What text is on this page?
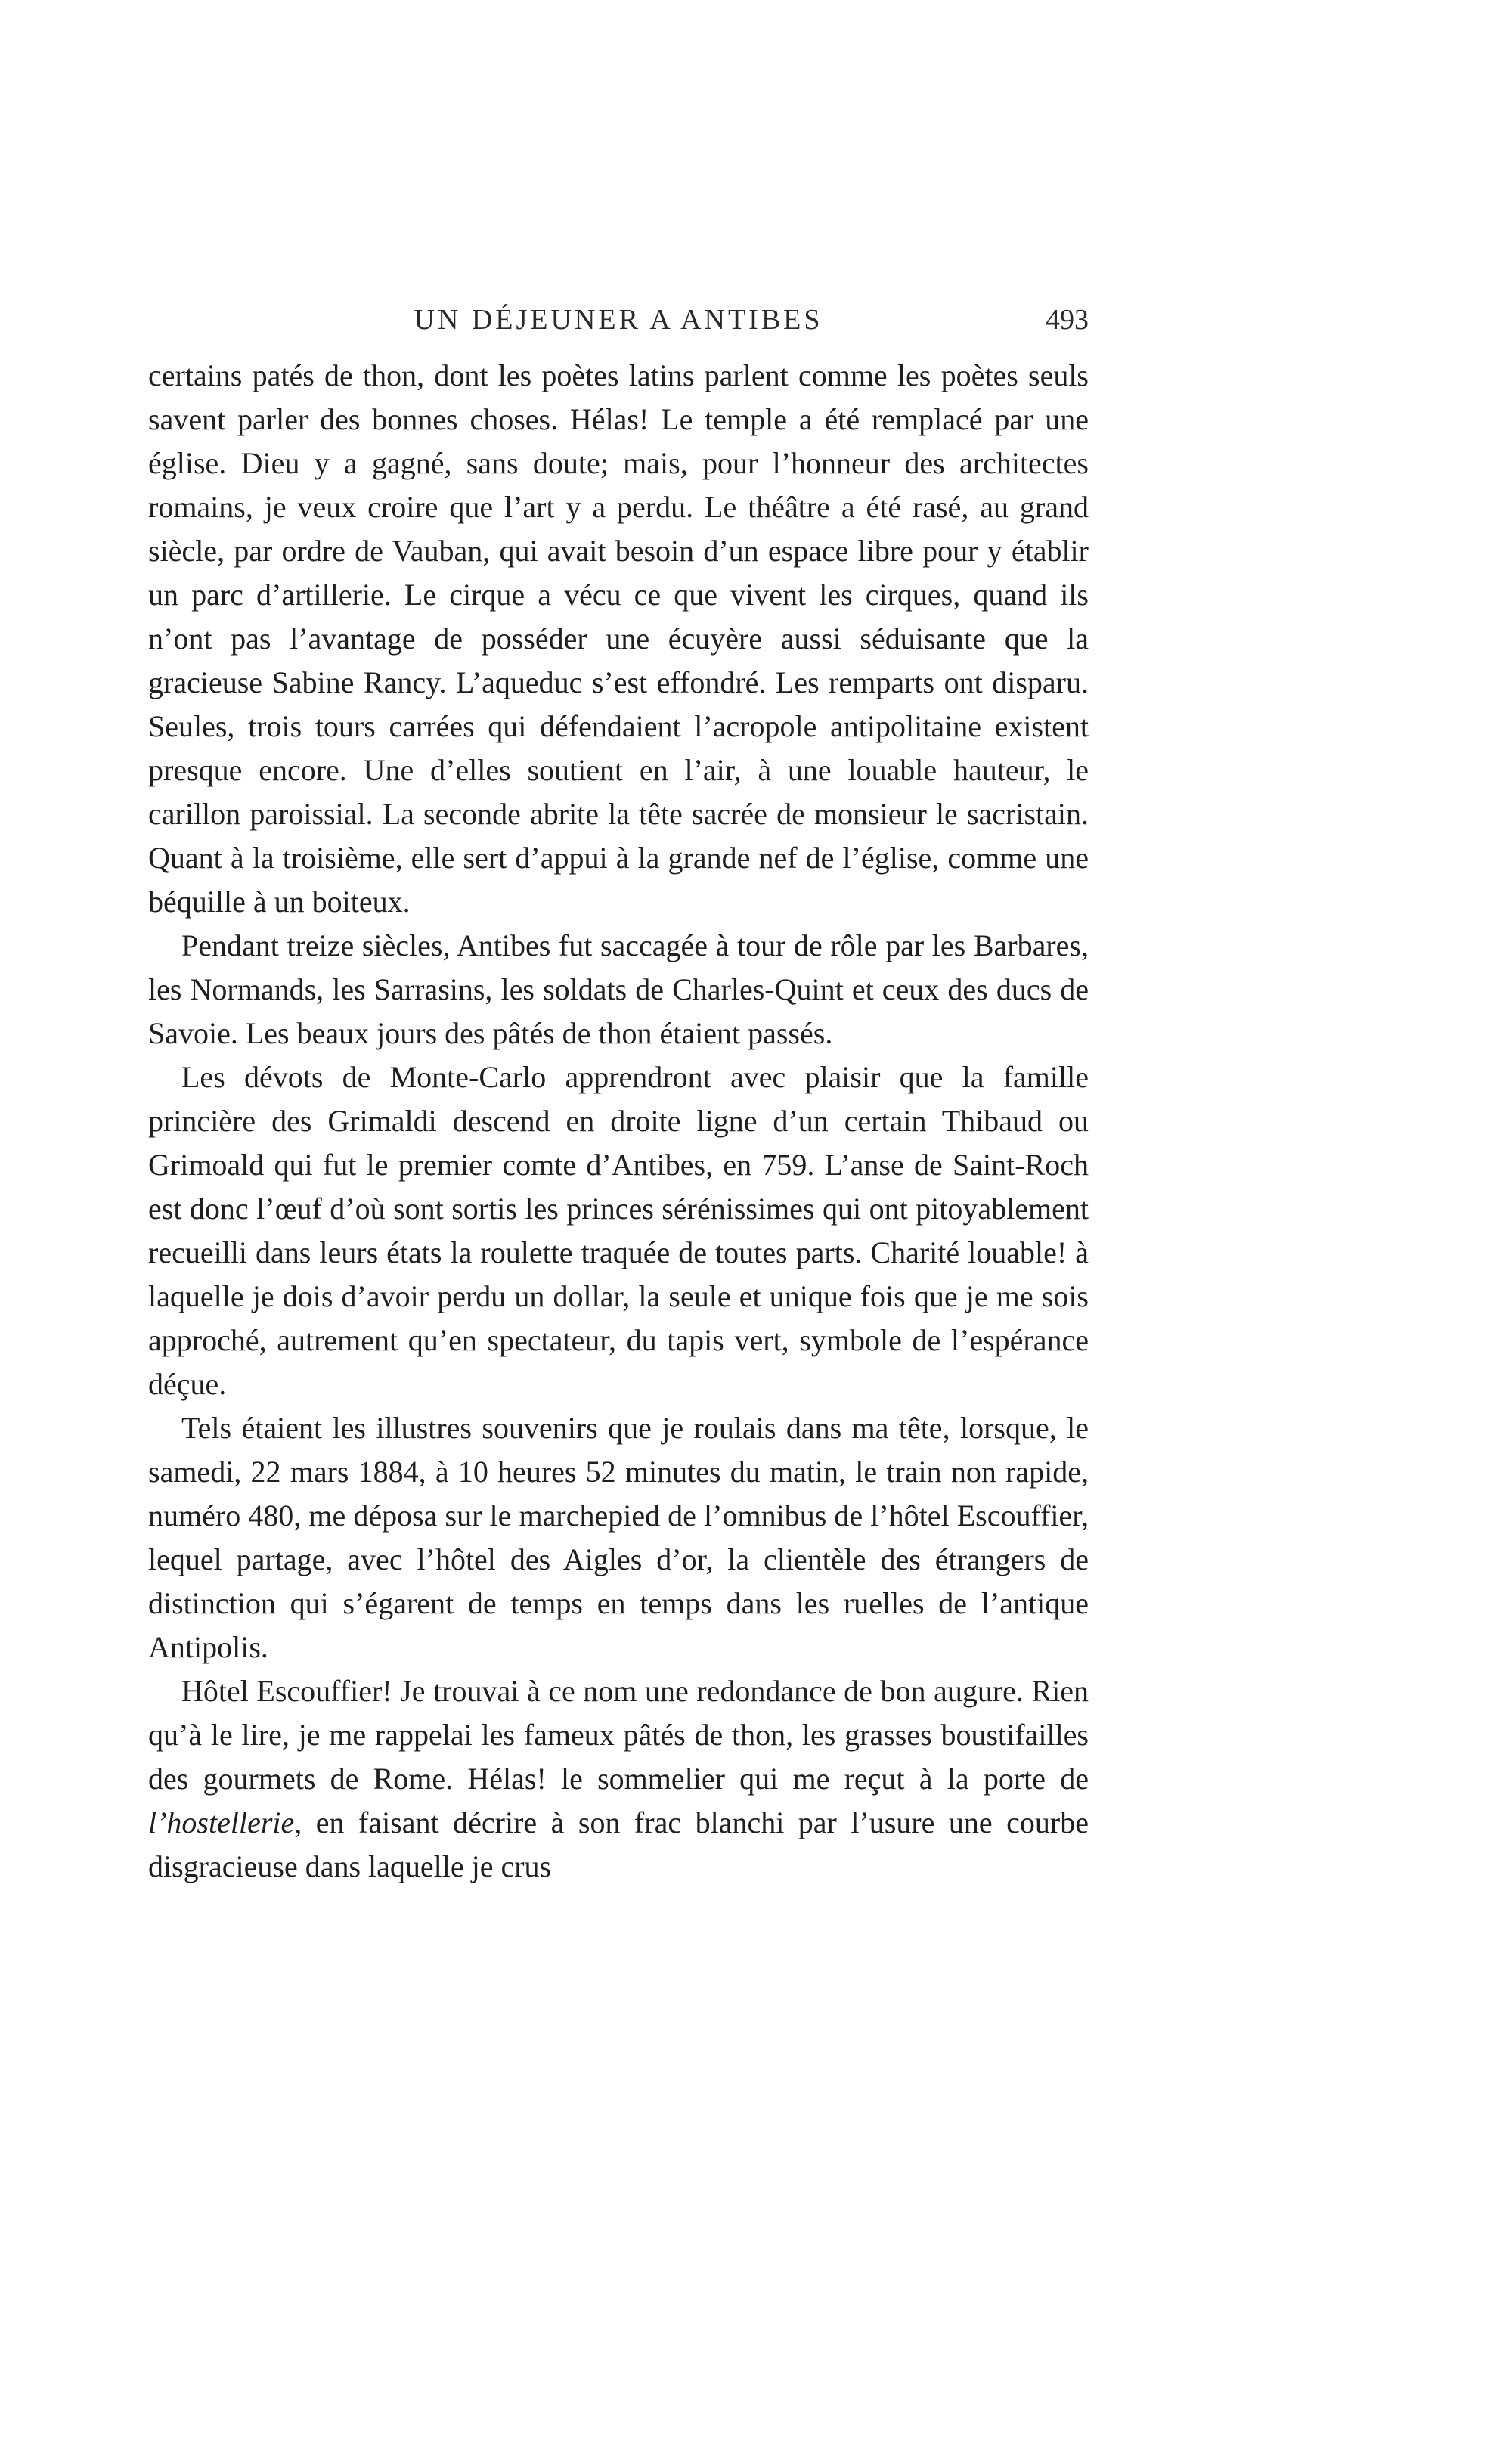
UN DÉJEUNER A ANTIBES	493

certains patés de thon, dont les poètes latins parlent comme les poètes seuls savent parler des bonnes choses. Hélas! Le temple a été remplacé par une église. Dieu y a gagné, sans doute; mais, pour l’honneur des architectes romains, je veux croire que l’art y a perdu. Le théâtre a été rasé, au grand siècle, par ordre de Vauban, qui avait besoin d’un espace libre pour y établir un parc d’artillerie. Le cirque a vécu ce que vivent les cirques, quand ils n’ont pas l’avantage de posséder une écuyère aussi séduisante que la gracieuse Sabine Rancy. L’aqueduc s’est effondré. Les remparts ont disparu. Seules, trois tours carrées qui défendaient l’acropole antipolitaine existent presque encore. Une d’elles soutient en l’air, à une louable hauteur, le carillon paroissial. La seconde abrite la tête sacrée de monsieur le sacristain. Quant à la troisième, elle sert d’appui à la grande nef de l’église, comme une béquille à un boiteux.

Pendant treize siècles, Antibes fut saccagée à tour de rôle par les Barbares, les Normands, les Sarrasins, les soldats de Charles-Quint et ceux des ducs de Savoie. Les beaux jours des pâtés de thon étaient passés.

Les dévots de Monte-Carlo apprendront avec plaisir que la famille princière des Grimaldi descend en droite ligne d’un certain Thibaud ou Grimoald qui fut le premier comte d’Antibes, en 759. L’anse de Saint-Roch est donc l’œuf d’où sont sortis les princes sérénissimes qui ont pitoyablement recueilli dans leurs états la roulette traquée de toutes parts. Charité louable! à laquelle je dois d’avoir perdu un dollar, la seule et unique fois que je me sois approché, autrement qu’en spectateur, du tapis vert, symbole de l’espérance déçue.

Tels étaient les illustres souvenirs que je roulais dans ma tête, lorsque, le samedi, 22 mars 1884, à 10 heures 52 minutes du matin, le train non rapide, numéro 480, me déposa sur le marchepied de l’omnibus de l’hôtel Escouffier, lequel partage, avec l’hôtel des Aigles d’or, la clientèle des étrangers de distinction qui s’égarent de temps en temps dans les ruelles de l’antique Antipolis.

Hôtel Escouffier! Je trouvai à ce nom une redondance de bon augure. Rien qu’à le lire, je me rappelai les fameux pâtés de thon, les grasses boustifailles des gourmets de Rome. Hélas! le sommelier qui me reçut à la porte de l’hostellerie, en faisant décrire à son frac blanchi par l’usure une courbe disgracieuse dans laquelle je crus
